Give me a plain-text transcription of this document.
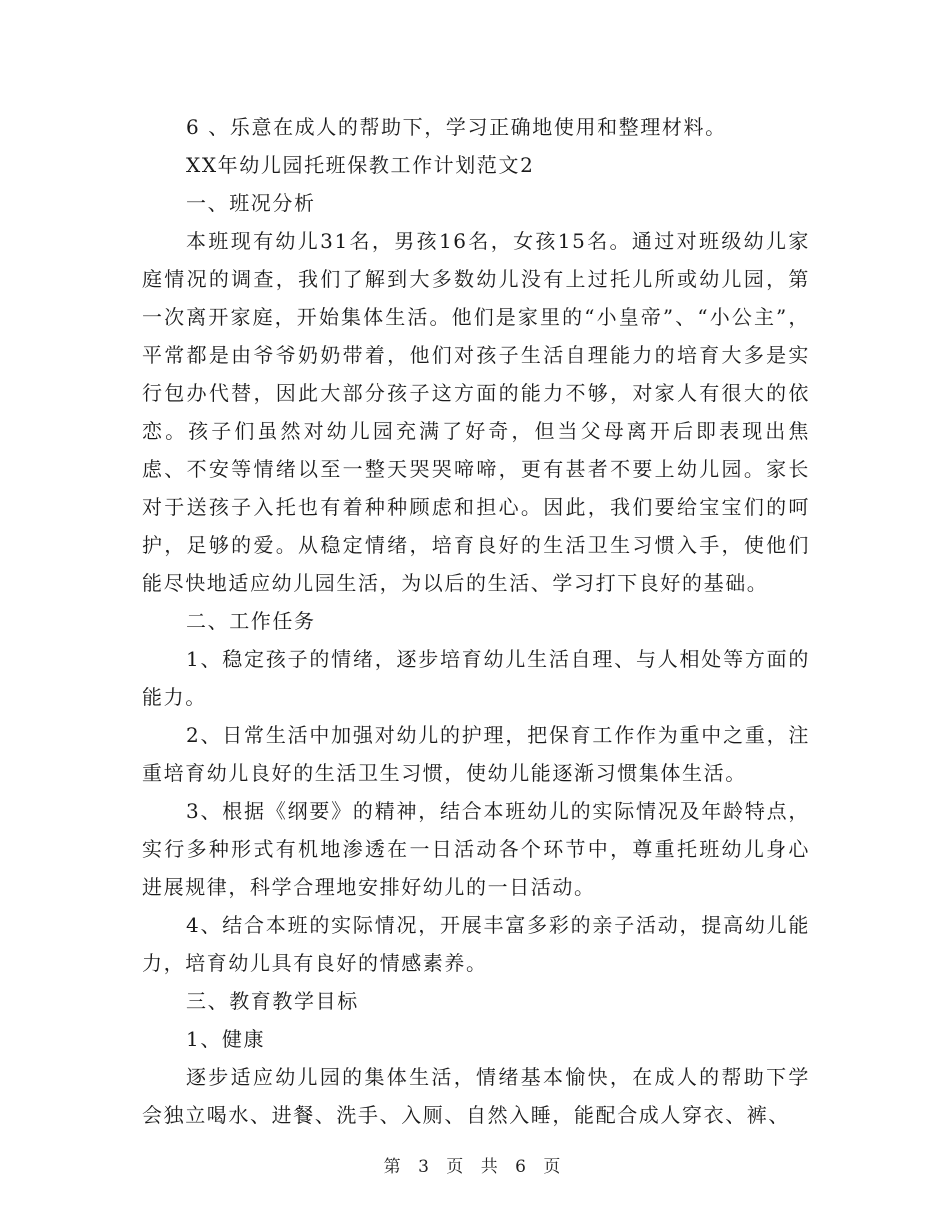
6 、乐意在成人的帮助下，学习正确地使用和整理材料。

XX年幼儿园托班保教工作计划范文2

一、班况分析

本班现有幼儿31名，男孩16名，女孩15名。通过对班级幼儿家庭情况的调查，我们了解到大多数幼儿没有上过托儿所或幼儿园，第一次离开家庭，开始集体生活。他们是家里的“小皇帝”、“小公主”，平常都是由爷爷奶奶带着，他们对孩子生活自理能力的培育大多是实行包办代替，因此大部分孩子这方面的能力不够，对家人有很大的依恋。孩子们虽然对幼儿园充满了好奇，但当父母离开后即表现出焦虑、不安等情绪以至一整天哭哭啼啼，更有甚者不要上幼儿园。家长对于送孩子入托也有着种种顾虑和担心。因此，我们要给宝宝们的呵护，足够的爱。从稳定情绪，培育良好的生活卫生习惯入手，使他们能尽快地适应幼儿园生活，为以后的生活、学习打下良好的基础。

二、工作任务

1、稳定孩子的情绪，逐步培育幼儿生活自理、与人相处等方面的能力。

2、日常生活中加强对幼儿的护理，把保育工作作为重中之重，注重培育幼儿良好的生活卫生习惯，使幼儿能逐渐习惯集体生活。

3、根据《纲要》的精神，结合本班幼儿的实际情况及年龄特点，实行多种形式有机地渗透在一日活动各个环节中，尊重托班幼儿身心进展规律，科学合理地安排好幼儿的一日活动。

4、结合本班的实际情况，开展丰富多彩的亲子活动，提高幼儿能力，培育幼儿具有良好的情感素养。

三、教育教学目标

1、健康

逐步适应幼儿园的集体生活，情绪基本愉快，在成人的帮助下学会独立喝水、进餐、洗手、入厕、自然入睡，能配合成人穿衣、裤、

第 3 页 共 6 页
